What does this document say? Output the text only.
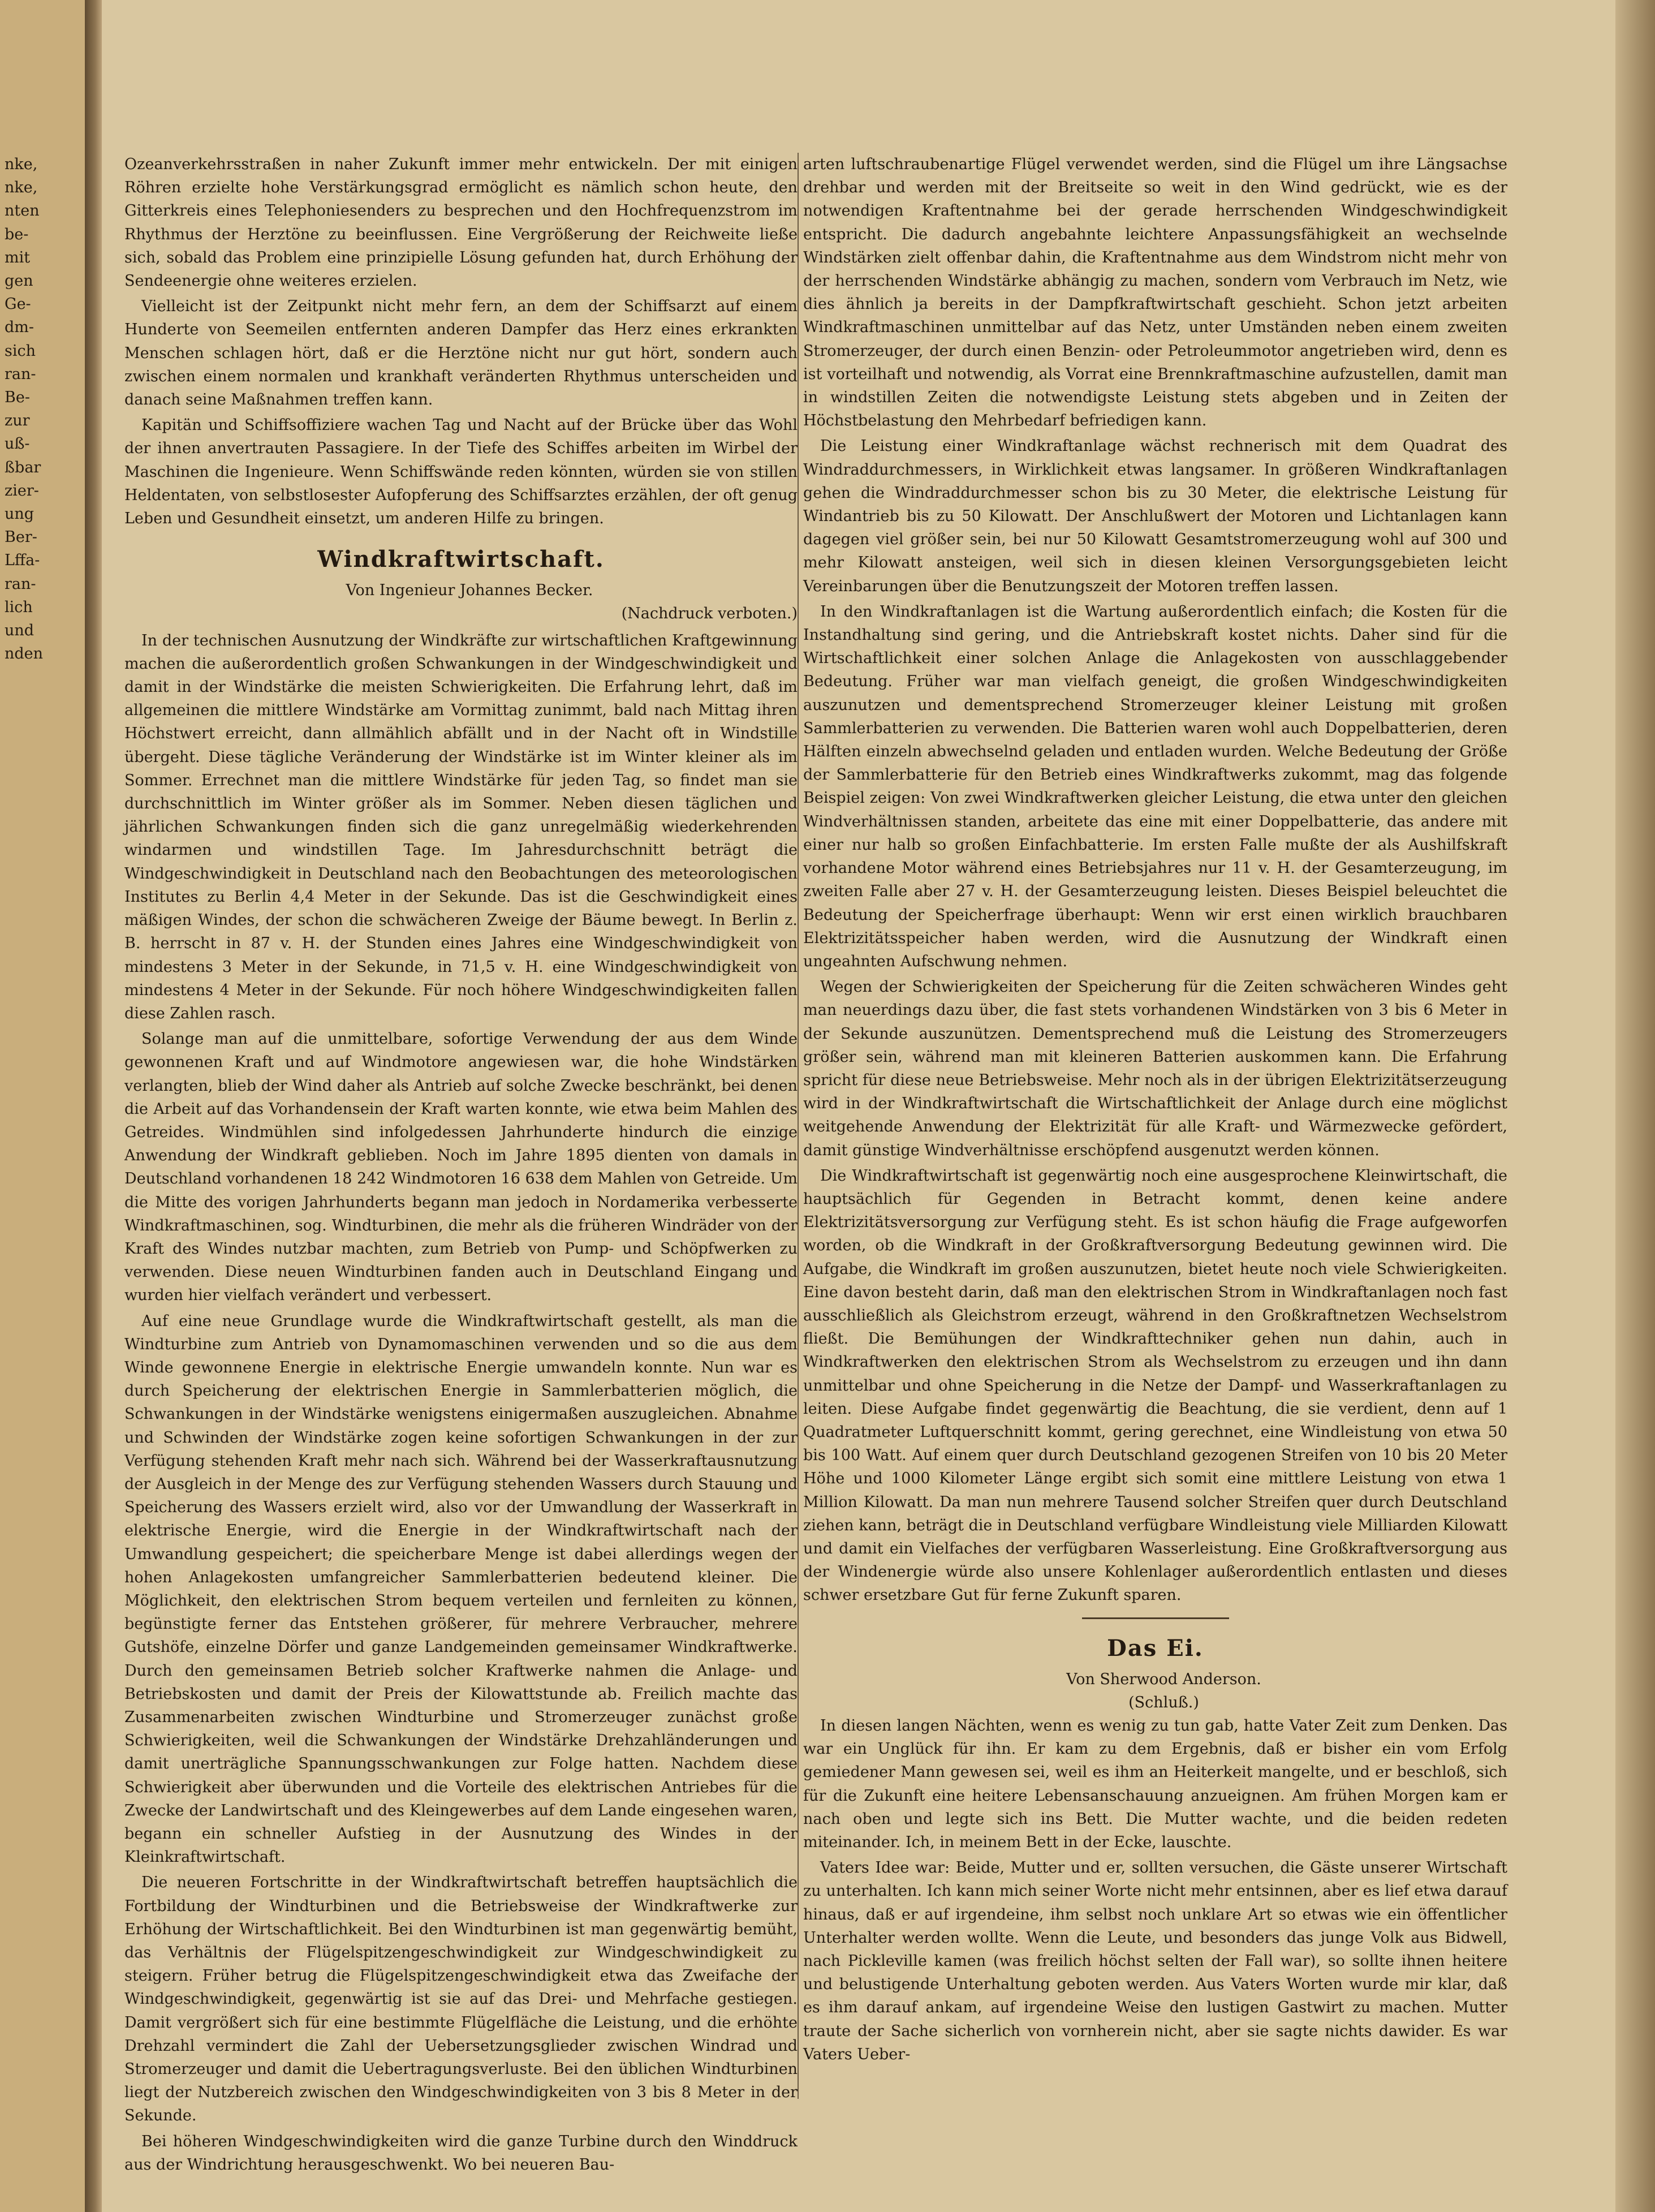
nke,
nke,
nten
be-
mit
gen
Ge-
dm-
sich
ran-
Be-
zur
uß-
ßbar
zier-
ung
Ber-
Lffa-
ran-
lich
und
nden

Ozeanverkehrsstraßen in naher Zukunft immer mehr entwickeln. Der mit einigen Röhren erzielte hohe Verstärkungsgrad ermöglicht es nämlich schon heute, den Gitterkreis eines Telephoniesenders zu besprechen und den Hochfrequenzstrom im Rhythmus der Herztöne zu beeinflussen. Eine Vergrößerung der Reichweite ließe sich, sobald das Problem eine prinzipielle Lösung gefunden hat, durch Erhöhung der Sendeenergie ohne weiteres erzielen.

Vielleicht ist der Zeitpunkt nicht mehr fern, an dem der Schiffsarzt auf einem Hunderte von Seemeilen entfernten anderen Dampfer das Herz eines erkrankten Menschen schlagen hört, daß er die Herztöne nicht nur gut hört, sondern auch zwischen einem normalen und krankhaft veränderten Rhythmus unterscheiden und danach seine Maßnahmen treffen kann.

Kapitän und Schiffsoffiziere wachen Tag und Nacht auf der Brücke über das Wohl der ihnen anvertrauten Passagiere. In der Tiefe des Schiffes arbeiten im Wirbel der Maschinen die Ingenieure. Wenn Schiffswände reden könnten, würden sie von stillen Heldentaten, von selbstlosester Aufopferung des Schiffsarztes erzählen, der oft genug Leben und Gesundheit einsetzt, um anderen Hilfe zu bringen.

Windkraftwirtschaft.

Von Ingenieur Johannes Becker.

(Nachdruck verboten.)

In der technischen Ausnutzung der Windkräfte zur wirtschaftlichen Kraftgewinnung machen die außerordentlich großen Schwankungen in der Windgeschwindigkeit und damit in der Windstärke die meisten Schwierigkeiten. Die Erfahrung lehrt, daß im allgemeinen die mittlere Windstärke am Vormittag zunimmt, bald nach Mittag ihren Höchstwert erreicht, dann allmählich abfällt und in der Nacht oft in Windstille übergeht. Diese tägliche Veränderung der Windstärke ist im Winter kleiner als im Sommer. Errechnet man die mittlere Windstärke für jeden Tag, so findet man sie durchschnittlich im Winter größer als im Sommer. Neben diesen täglichen und jährlichen Schwankungen finden sich die ganz unregelmäßig wiederkehrenden windarmen und windstillen Tage. Im Jahresdurchschnitt beträgt die Windgeschwindigkeit in Deutschland nach den Beobachtungen des meteorologischen Institutes zu Berlin 4,4 Meter in der Sekunde. Das ist die Geschwindigkeit eines mäßigen Windes, der schon die schwächeren Zweige der Bäume bewegt. In Berlin z. B. herrscht in 87 v. H. der Stunden eines Jahres eine Windgeschwindigkeit von mindestens 3 Meter in der Sekunde, in 71,5 v. H. eine Windgeschwindigkeit von mindestens 4 Meter in der Sekunde. Für noch höhere Windgeschwindigkeiten fallen diese Zahlen rasch.

Solange man auf die unmittelbare, sofortige Verwendung der aus dem Winde gewonnenen Kraft und auf Windmotore angewiesen war, die hohe Windstärken verlangten, blieb der Wind daher als Antrieb auf solche Zwecke beschränkt, bei denen die Arbeit auf das Vorhandensein der Kraft warten konnte, wie etwa beim Mahlen des Getreides. Windmühlen sind infolgedessen Jahrhunderte hindurch die einzige Anwendung der Windkraft geblieben. Noch im Jahre 1895 dienten von damals in Deutschland vorhandenen 18 242 Windmotoren 16 638 dem Mahlen von Getreide. Um die Mitte des vorigen Jahrhunderts begann man jedoch in Nordamerika verbesserte Windkraftmaschinen, sog. Windturbinen, die mehr als die früheren Windräder von der Kraft des Windes nutzbar machten, zum Betrieb von Pump- und Schöpfwerken zu verwenden. Diese neuen Windturbinen fanden auch in Deutschland Eingang und wurden hier vielfach verändert und verbessert.

Auf eine neue Grundlage wurde die Windkraftwirtschaft gestellt, als man die Windturbine zum Antrieb von Dynamomaschinen verwenden und so die aus dem Winde gewonnene Energie in elektrische Energie umwandeln konnte. Nun war es durch Speicherung der elektrischen Energie in Sammlerbatterien möglich, die Schwankungen in der Windstärke wenigstens einigermaßen auszugleichen. Abnahme und Schwinden der Windstärke zogen keine sofortigen Schwankungen in der zur Verfügung stehenden Kraft mehr nach sich. Während bei der Wasserkraftausnutzung der Ausgleich in der Menge des zur Verfügung stehenden Wassers durch Stauung und Speicherung des Wassers erzielt wird, also vor der Umwandlung der Wasserkraft in elektrische Energie, wird die Energie in der Windkraftwirtschaft nach der Umwandlung gespeichert; die speicherbare Menge ist dabei allerdings wegen der hohen Anlagekosten umfangreicher Sammlerbatterien bedeutend kleiner. Die Möglichkeit, den elektrischen Strom bequem verteilen und fernleiten zu können, begünstigte ferner das Entstehen größerer, für mehrere Verbraucher, mehrere Gutshöfe, einzelne Dörfer und ganze Landgemeinden gemeinsamer Windkraftwerke. Durch den gemeinsamen Betrieb solcher Kraftwerke nahmen die Anlage- und Betriebskosten und damit der Preis der Kilowattstunde ab. Freilich machte das Zusammenarbeiten zwischen Windturbine und Stromerzeuger zunächst große Schwierigkeiten, weil die Schwankungen der Windstärke Drehzahländerungen und damit unerträgliche Spannungsschwankungen zur Folge hatten. Nachdem diese Schwierigkeit aber überwunden und die Vorteile des elektrischen Antriebes für die Zwecke der Landwirtschaft und des Kleingewerbes auf dem Lande eingesehen waren, begann ein schneller Aufstieg in der Ausnutzung des Windes in der Kleinkraftwirtschaft.

Die neueren Fortschritte in der Windkraftwirtschaft betreffen hauptsächlich die Fortbildung der Windturbinen und die Betriebsweise der Windkraftwerke zur Erhöhung der Wirtschaftlichkeit. Bei den Windturbinen ist man gegenwärtig bemüht, das Verhältnis der Flügelspitzengeschwindigkeit zur Windgeschwindigkeit zu steigern. Früher betrug die Flügelspitzengeschwindigkeit etwa das Zweifache der Windgeschwindigkeit, gegenwärtig ist sie auf das Drei- und Mehrfache gestiegen. Damit vergrößert sich für eine bestimmte Flügelfläche die Leistung, und die erhöhte Drehzahl vermindert die Zahl der Uebersetzungsglieder zwischen Windrad und Stromerzeuger und damit die Uebertragungsverluste. Bei den üblichen Windturbinen liegt der Nutzbereich zwischen den Windgeschwindigkeiten von 3 bis 8 Meter in der Sekunde.

Bei höheren Windgeschwindigkeiten wird die ganze Turbine durch den Winddruck aus der Windrichtung herausgeschwenkt. Wo bei neueren Bau-

arten luftschraubenartige Flügel verwendet werden, sind die Flügel um ihre Längsachse drehbar und werden mit der Breitseite so weit in den Wind gedrückt, wie es der notwendigen Kraftentnahme bei der gerade herrschenden Windgeschwindigkeit entspricht. Die dadurch angebahnte leichtere Anpassungsfähigkeit an wechselnde Windstärken zielt offenbar dahin, die Kraftentnahme aus dem Windstrom nicht mehr von der herrschenden Windstärke abhängig zu machen, sondern vom Verbrauch im Netz, wie dies ähnlich ja bereits in der Dampfkraftwirtschaft geschieht. Schon jetzt arbeiten Windkraftmaschinen unmittelbar auf das Netz, unter Umständen neben einem zweiten Stromerzeuger, der durch einen Benzin- oder Petroleummotor angetrieben wird, denn es ist vorteilhaft und notwendig, als Vorrat eine Brennkraftmaschine aufzustellen, damit man in windstillen Zeiten die notwendigste Leistung stets abgeben und in Zeiten der Höchstbelastung den Mehrbedarf befriedigen kann.

Die Leistung einer Windkraftanlage wächst rechnerisch mit dem Quadrat des Windraddurchmessers, in Wirklichkeit etwas langsamer. In größeren Windkraftanlagen gehen die Windraddurchmesser schon bis zu 30 Meter, die elektrische Leistung für Windantrieb bis zu 50 Kilowatt. Der Anschlußwert der Motoren und Lichtanlagen kann dagegen viel größer sein, bei nur 50 Kilowatt Gesamtstromerzeugung wohl auf 300 und mehr Kilowatt ansteigen, weil sich in diesen kleinen Versorgungsgebieten leicht Vereinbarungen über die Benutzungszeit der Motoren treffen lassen.

In den Windkraftanlagen ist die Wartung außerordentlich einfach; die Kosten für die Instandhaltung sind gering, und die Antriebskraft kostet nichts. Daher sind für die Wirtschaftlichkeit einer solchen Anlage die Anlagekosten von ausschlaggebender Bedeutung. Früher war man vielfach geneigt, die großen Windgeschwindigkeiten auszunutzen und dementsprechend Stromerzeuger kleiner Leistung mit großen Sammlerbatterien zu verwenden. Die Batterien waren wohl auch Doppelbatterien, deren Hälften einzeln abwechselnd geladen und entladen wurden. Welche Bedeutung der Größe der Sammlerbatterie für den Betrieb eines Windkraftwerks zukommt, mag das folgende Beispiel zeigen: Von zwei Windkraftwerken gleicher Leistung, die etwa unter den gleichen Windverhältnissen standen, arbeitete das eine mit einer Doppelbatterie, das andere mit einer nur halb so großen Einfachbatterie. Im ersten Falle mußte der als Aushilfskraft vorhandene Motor während eines Betriebsjahres nur 11 v. H. der Gesamterzeugung, im zweiten Falle aber 27 v. H. der Gesamterzeugung leisten. Dieses Beispiel beleuchtet die Bedeutung der Speicherfrage überhaupt: Wenn wir erst einen wirklich brauchbaren Elektrizitätsspeicher haben werden, wird die Ausnutzung der Windkraft einen ungeahnten Aufschwung nehmen.

Wegen der Schwierigkeiten der Speicherung für die Zeiten schwächeren Windes geht man neuerdings dazu über, die fast stets vorhandenen Windstärken von 3 bis 6 Meter in der Sekunde auszunützen. Dementsprechend muß die Leistung des Stromerzeugers größer sein, während man mit kleineren Batterien auskommen kann. Die Erfahrung spricht für diese neue Betriebsweise. Mehr noch als in der übrigen Elektrizitätserzeugung wird in der Windkraftwirtschaft die Wirtschaftlichkeit der Anlage durch eine möglichst weitgehende Anwendung der Elektrizität für alle Kraft- und Wärmezwecke gefördert, damit günstige Windverhältnisse erschöpfend ausgenutzt werden können.

Die Windkraftwirtschaft ist gegenwärtig noch eine ausgesprochene Kleinwirtschaft, die hauptsächlich für Gegenden in Betracht kommt, denen keine andere Elektrizitätsversorgung zur Verfügung steht. Es ist schon häufig die Frage aufgeworfen worden, ob die Windkraft in der Großkraftversorgung Bedeutung gewinnen wird. Die Aufgabe, die Windkraft im großen auszunutzen, bietet heute noch viele Schwierigkeiten. Eine davon besteht darin, daß man den elektrischen Strom in Windkraftanlagen noch fast ausschließlich als Gleichstrom erzeugt, während in den Großkraftnetzen Wechselstrom fließt. Die Bemühungen der Windkrafttechniker gehen nun dahin, auch in Windkraftwerken den elektrischen Strom als Wechselstrom zu erzeugen und ihn dann unmittelbar und ohne Speicherung in die Netze der Dampf- und Wasserkraftanlagen zu leiten. Diese Aufgabe findet gegenwärtig die Beachtung, die sie verdient, denn auf 1 Quadratmeter Luftquerschnitt kommt, gering gerechnet, eine Windleistung von etwa 50 bis 100 Watt. Auf einem quer durch Deutschland gezogenen Streifen von 10 bis 20 Meter Höhe und 1000 Kilometer Länge ergibt sich somit eine mittlere Leistung von etwa 1 Million Kilowatt. Da man nun mehrere Tausend solcher Streifen quer durch Deutschland ziehen kann, beträgt die in Deutschland verfügbare Windleistung viele Milliarden Kilowatt und damit ein Vielfaches der verfügbaren Wasserleistung. Eine Großkraftversorgung aus der Windenergie würde also unsere Kohlenlager außerordentlich entlasten und dieses schwer ersetzbare Gut für ferne Zukunft sparen.

Das Ei.

Von Sherwood Anderson.

(Schluß.)

In diesen langen Nächten, wenn es wenig zu tun gab, hatte Vater Zeit zum Denken. Das war ein Unglück für ihn. Er kam zu dem Ergebnis, daß er bisher ein vom Erfolg gemiedener Mann gewesen sei, weil es ihm an Heiterkeit mangelte, und er beschloß, sich für die Zukunft eine heitere Lebensanschauung anzueignen. Am frühen Morgen kam er nach oben und legte sich ins Bett. Die Mutter wachte, und die beiden redeten miteinander. Ich, in meinem Bett in der Ecke, lauschte.

Vaters Idee war: Beide, Mutter und er, sollten versuchen, die Gäste unserer Wirtschaft zu unterhalten. Ich kann mich seiner Worte nicht mehr entsinnen, aber es lief etwa darauf hinaus, daß er auf irgendeine, ihm selbst noch unklare Art so etwas wie ein öffentlicher Unterhalter werden wollte. Wenn die Leute, und besonders das junge Volk aus Bidwell, nach Pickleville kamen (was freilich höchst selten der Fall war), so sollte ihnen heitere und belustigende Unterhaltung geboten werden. Aus Vaters Worten wurde mir klar, daß es ihm darauf ankam, auf irgendeine Weise den lustigen Gastwirt zu machen. Mutter traute der Sache sicherlich von vornherein nicht, aber sie sagte nichts dawider. Es war Vaters Ueber-
